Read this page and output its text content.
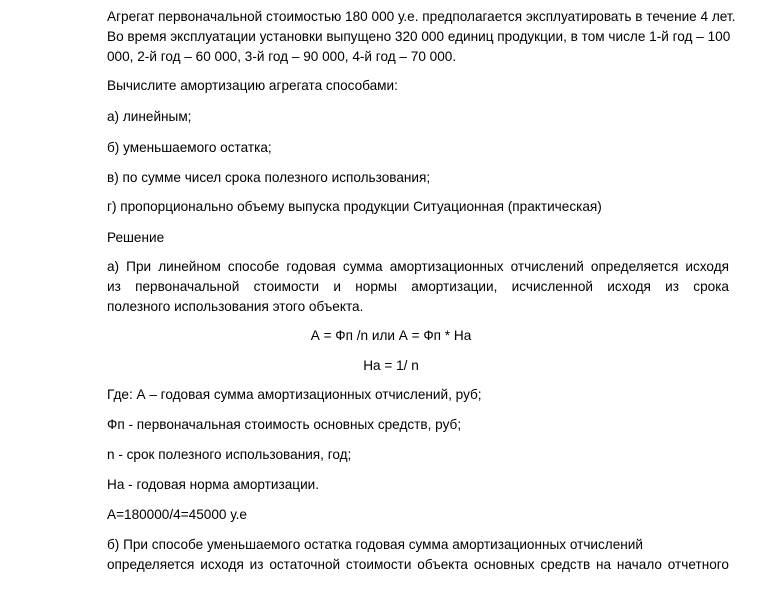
Агрегат первоначальной стоимостью 180 000 у.е. предполагается эксплуатировать в течение 4 лет.

Во время эксплуатации установки выпущено 320 000 единиц продукции, в том числе 1-й год – 100

000, 2-й год – 60 000, 3-й год – 90 000, 4-й год – 70 000.

Вычислите амортизацию агрегата способами:

а) линейным;

б) уменьшаемого остатка;

в) по сумме чисел срока полезного использования;

г) пропорционально объему выпуска продукции Ситуационная (практическая)

Решение

а) При линейном способе годовая сумма амортизационных отчислений определяется исходя

из первоначальной стоимости и нормы амортизации, исчисленной исходя из срока

полезного использования этого объекта.

А = Фп /n или А = Фп * На

На = 1/ n

Где: А – годовая сумма амортизационных отчислений, руб;

Фп - первоначальная стоимость основных средств, руб;

n - срок полезного использования, год;

На - годовая норма амортизации.

А=180000/4=45000 у.е

б) При способе уменьшаемого остатка годовая сумма амортизационных отчислений

определяется исходя из остаточной стоимости объекта основных средств на начало отчетного
